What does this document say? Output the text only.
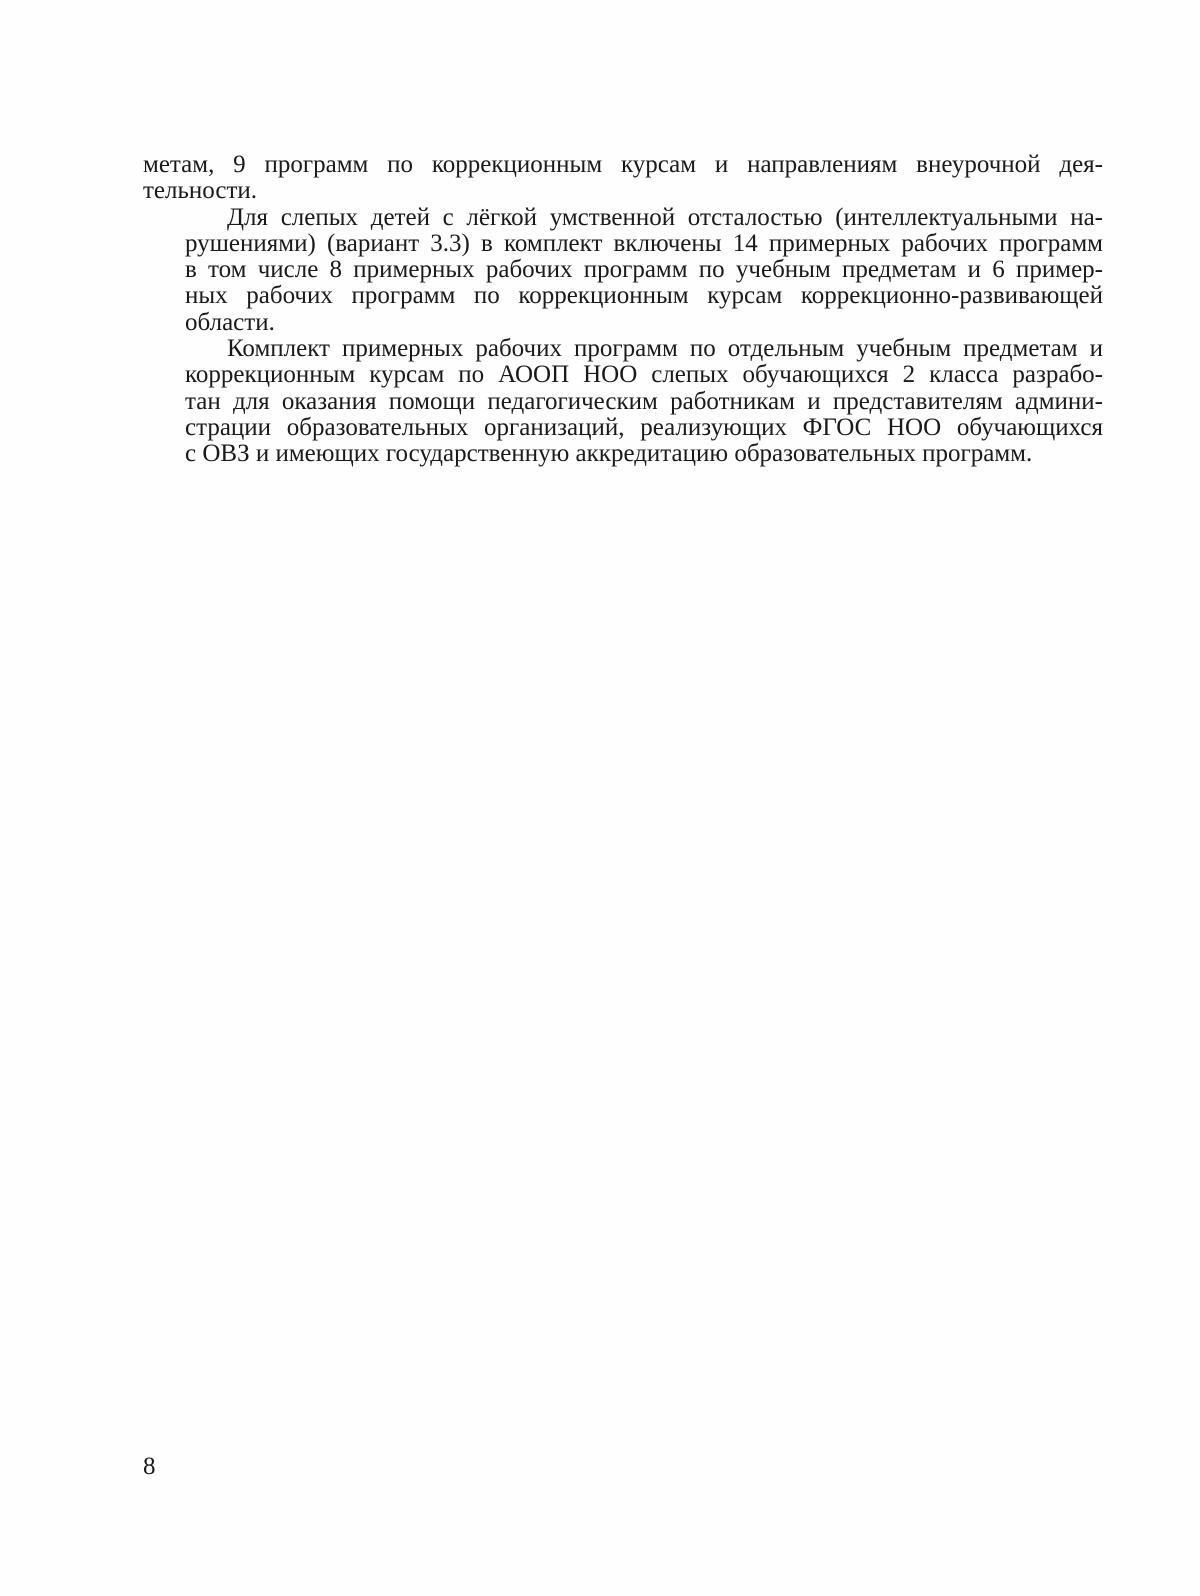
метам, 9 программ по коррекционным курсам и направлениям внеурочной дея-
тельности.

Для слепых детей с лёгкой умственной отсталостью (интеллектуальными на-
рушениями) (вариант 3.3) в комплект включены 14 примерных рабочих программ
в том числе 8 примерных рабочих программ по учебным предметам и 6 пример-
ных рабочих программ по коррекционным курсам коррекционно-развивающей
области.

Комплект примерных рабочих программ по отдельным учебным предметам и
коррекционным курсам по АООП НОО слепых обучающихся 2 класса разрабо-
тан для оказания помощи педагогическим работникам и представителям админи-
страции образовательных организаций, реализующих ФГОС НОО обучающихся
с ОВЗ и имеющих государственную аккредитацию образовательных программ.

8
